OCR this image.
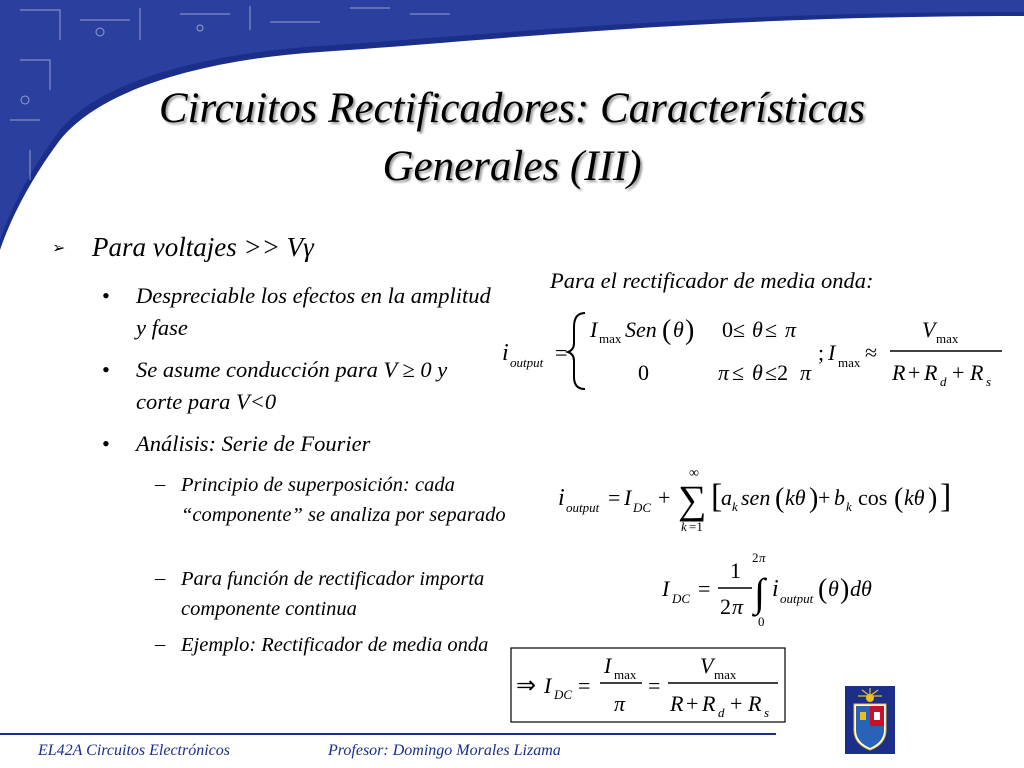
Circuitos Rectificadores: Características
Generales (III)
➢ Para voltajes >> Vγ
• Despreciable los efectos en la amplitud y fase
• Se asume conducción para V ≥ 0 y corte para V<0
• Análisis: Serie de Fourier
– Principio de superposición: cada “componente” se analiza por separado
– Para función de rectificador importa componente continua
– Ejemplo: Rectificador de media onda
Para el rectificador de media onda:
i output =
I max Sen ( θ ) 0≤ θ ≤ π
0	π ≤ θ ≤2 π
; I max ≈
V max
R + R d + R s
i output = I DC +
∞
∑
k =1
[
a k sen ( kθ ) + b k cos ( kθ ) ]
I DC =
1
2 π
2 π
∫
0
i output ( θ ) dθ
⇒ I DC =
I max
π
=
V max
R + R d + R s
EL42A Circuitos Electrónicos	Profesor: Domingo Morales Lizama
